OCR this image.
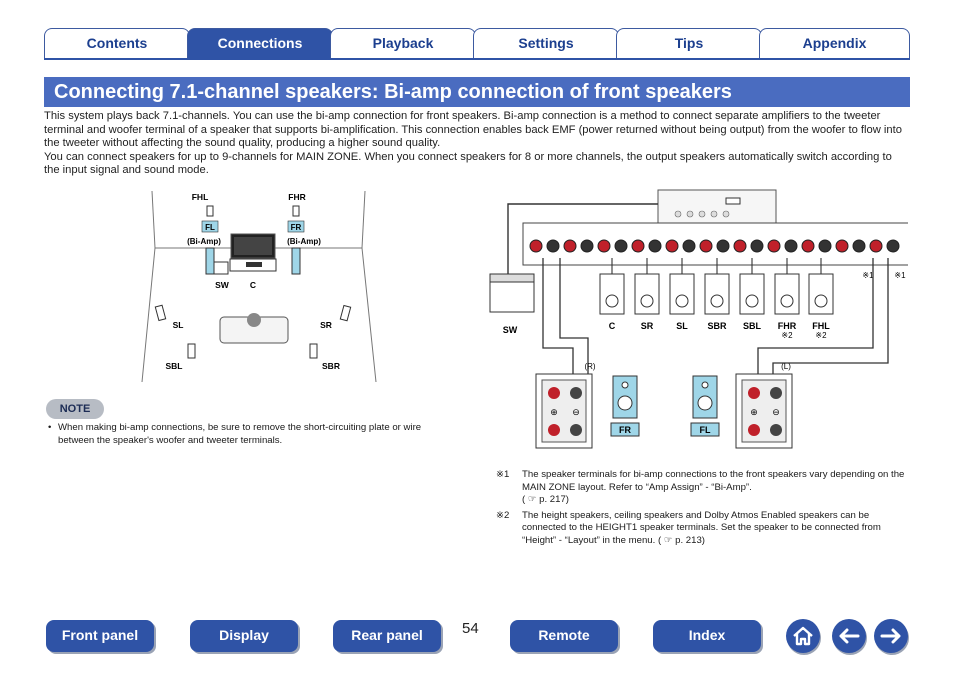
Contents	Connections	Playback	Settings	Tips	Appendix
Connecting 7.1-channel speakers: Bi-amp connection of front speakers

This system plays back 7.1-channels. You can use the bi-amp connection for front speakers. Bi-amp connection is a method to connect separate amplifiers to the tweeter terminal and woofer terminal of a speaker that supports bi-amplification. This connection enables back EMF (power returned without being output) from the woofer to flow into the tweeter without affecting the sound quality, producing a higher sound quality.

You can connect speakers for up to 9-channels for MAIN ZONE. When you connect speakers for 8 or more channels, the output speakers automatically switch according to the input signal and sound mode.

FHL	FHR
FL	FR
(Bi-Amp)	(Bi-Amp)
SW C
SL	SR
SBL	SBR
NOTE
• When making bi-amp connections, be sure to remove the short-circuiting plate or wire between the speaker's woofer and tweeter terminals.
SW	C	SR	SL SBR SBL FHR FHL
※2	※2
※1	※1
(R)
⊕ ⊖
FR
(L)
⊕ ⊖
FL
※1 The speaker terminals for bi-amp connections to the front speakers vary depending on the MAIN ZONE layout. Refer to “Amp Assign” - “Bi-Amp”.
( ☞ p. 217)
※2 The height speakers, ceiling speakers and Dolby Atmos Enabled speakers can be connected to the HEIGHT1 speaker terminals. Set the speaker to be connected from “Height” - “Layout” in the menu. ( ☞ p. 213)
Front panel	Display	Rear panel	54	Remote	Index
